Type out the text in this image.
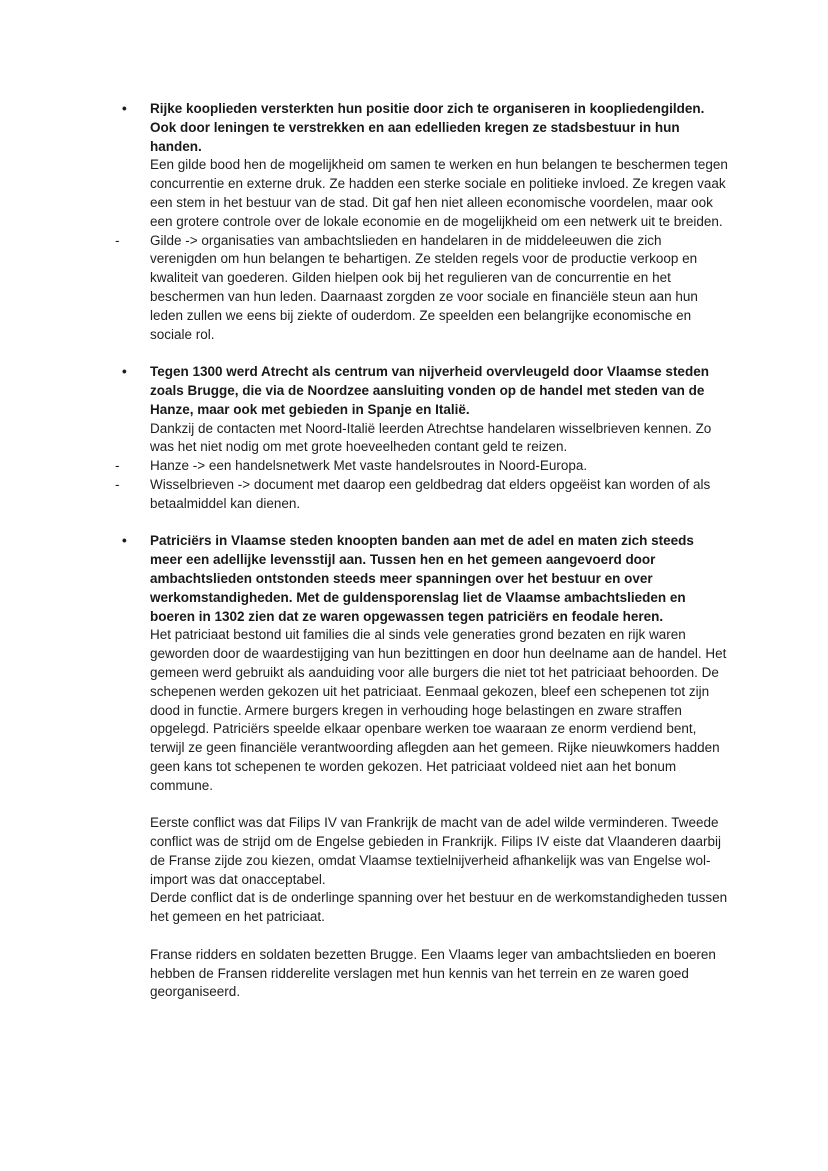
•	Rijke kooplieden versterkten hun positie door zich te organiseren in koopliedengilden. Ook door leningen te verstrekken en aan edellieden kregen ze stadsbestuur in hun handen.

Een gilde bood hen de mogelijkheid om samen te werken en hun belangen te beschermen tegen concurrentie en externe druk. Ze hadden een sterke sociale en politieke invloed. Ze kregen vaak een stem in het bestuur van de stad. Dit gaf hen niet alleen economische voordelen, maar ook een grotere controle over de lokale economie en de mogelijkheid om een netwerk uit te breiden.

-	Gilde -> organisaties van ambachtslieden en handelaren in de middeleeuwen die zich verenigden om hun belangen te behartigen. Ze stelden regels voor de productie verkoop en kwaliteit van goederen. Gilden hielpen ook bij het regulieren van de concurrentie en het beschermen van hun leden. Daarnaast zorgden ze voor sociale en financiële steun aan hun leden zullen we eens bij ziekte of ouderdom. Ze speelden een belangrijke economische en sociale rol.

•	Tegen 1300 werd Atrecht als centrum van nijverheid overvleugeld door Vlaamse steden zoals Brugge, die via de Noordzee aansluiting vonden op de handel met steden van de Hanze, maar ook met gebieden in Spanje en Italië.

Dankzij de contacten met Noord-Italië leerden Atrechtse handelaren wisselbrieven kennen. Zo was het niet nodig om met grote hoeveelheden contant geld te reizen.

-	Hanze -> een handelsnetwerk Met vaste handelsroutes in Noord-Europa.

-	Wisselbrieven -> document met daarop een geldbedrag dat elders opgeëist kan worden of als betaalmiddel kan dienen.

•	Patriciërs in Vlaamse steden knoopten banden aan met de adel en maten zich steeds meer een adellijke levensstijl aan. Tussen hen en het gemeen aangevoerd door ambachtslieden ontstonden steeds meer spanningen over het bestuur en over werkomstandigheden. Met de guldensporenslag liet de Vlaamse ambachtslieden en boeren in 1302 zien dat ze waren opgewassen tegen patriciërs en feodale heren.

Het patriciaat bestond uit families die al sinds vele generaties grond bezaten en rijk waren geworden door de waardestijging van hun bezittingen en door hun deelname aan de handel. Het gemeen werd gebruikt als aanduiding voor alle burgers die niet tot het patriciaat behoorden. De schepenen werden gekozen uit het patriciaat. Eenmaal gekozen, bleef een schepenen tot zijn dood in functie. Armere burgers kregen in verhouding hoge belastingen en zware straffen opgelegd. Patriciërs speelde elkaar openbare werken toe waaraan ze enorm verdiend bent, terwijl ze geen financiële verantwoording aflegden aan het gemeen. Rijke nieuwkomers hadden geen kans tot schepenen te worden gekozen. Het patriciaat voldeed niet aan het bonum commune.

Eerste conflict was dat Filips IV van Frankrijk de macht van de adel wilde verminderen. Tweede conflict was de strijd om de Engelse gebieden in Frankrijk. Filips IV eiste dat Vlaanderen daarbij de Franse zijde zou kiezen, omdat Vlaamse textielnijverheid afhankelijk was van Engelse wol-import was dat onacceptabel.

Derde conflict dat is de onderlinge spanning over het bestuur en de werkomstandigheden tussen het gemeen en het patriciaat.

Franse ridders en soldaten bezetten Brugge. Een Vlaams leger van ambachtslieden en boeren hebben de Fransen ridderelite verslagen met hun kennis van het terrein en ze waren goed georganiseerd.
